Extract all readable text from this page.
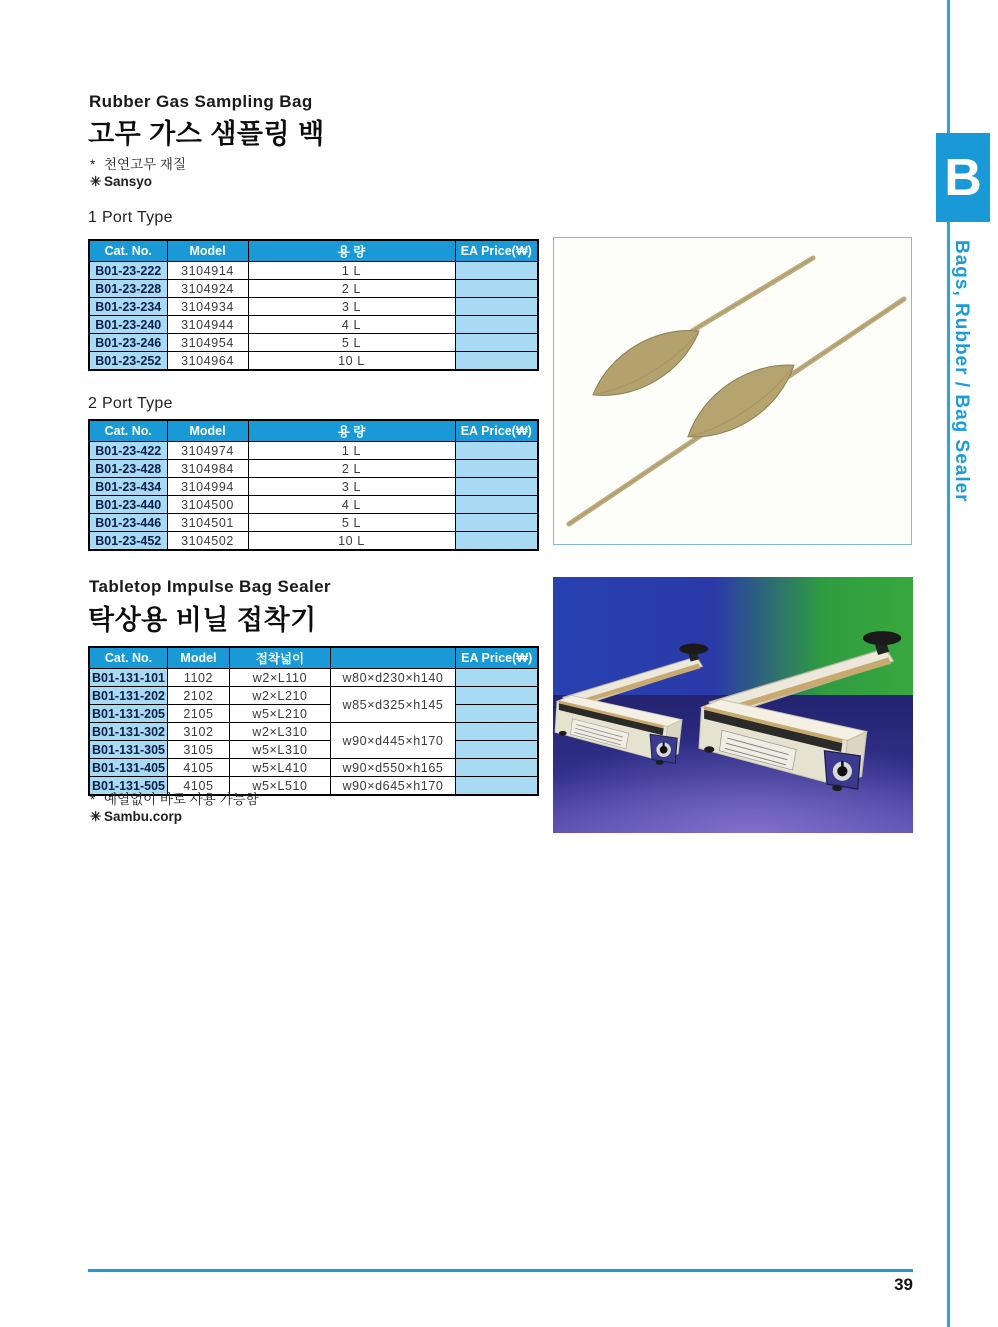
Rubber Gas Sampling Bag
고무 가스 샘플링 백
* 천연고무 재질
✳ Sansyo
1 Port Type
Cat. No.	Model	용 량	EA Price(₩)
B01-23-222	3104914	1 L	
B01-23-228	3104924	2 L	
B01-23-234	3104934	3 L	
B01-23-240	3104944	4 L	
B01-23-246	3104954	5 L	
B01-23-252	3104964	10 L	
2 Port Type
Cat. No.	Model	용 량	EA Price(₩)
B01-23-422	3104974	1 L	
B01-23-428	3104984	2 L	
B01-23-434	3104994	3 L	
B01-23-440	3104500	4 L	
B01-23-446	3104501	5 L	
B01-23-452	3104502	10 L	
Tabletop Impulse Bag Sealer
탁상용 비닐 접착기
Cat. No.	Model	접착넓이		EA Price(₩)
B01-131-101	1102	w2×L110	w80×d230×h140	
B01-131-202	2102	w2×L210	w85×d325×h145	
B01-131-205	2105	w5×L210		
B01-131-302	3102	w2×L310	w90×d445×h170	
B01-131-305	3105	w5×L310		
B01-131-405	4105	w5×L410	w90×d550×h165	
B01-131-505	4105	w5×L510	w90×d645×h170	
* 예열없이 바로 사용 가능함
✳ Sambu.corp
39
B
Bags, Rubber / Bag Sealer
